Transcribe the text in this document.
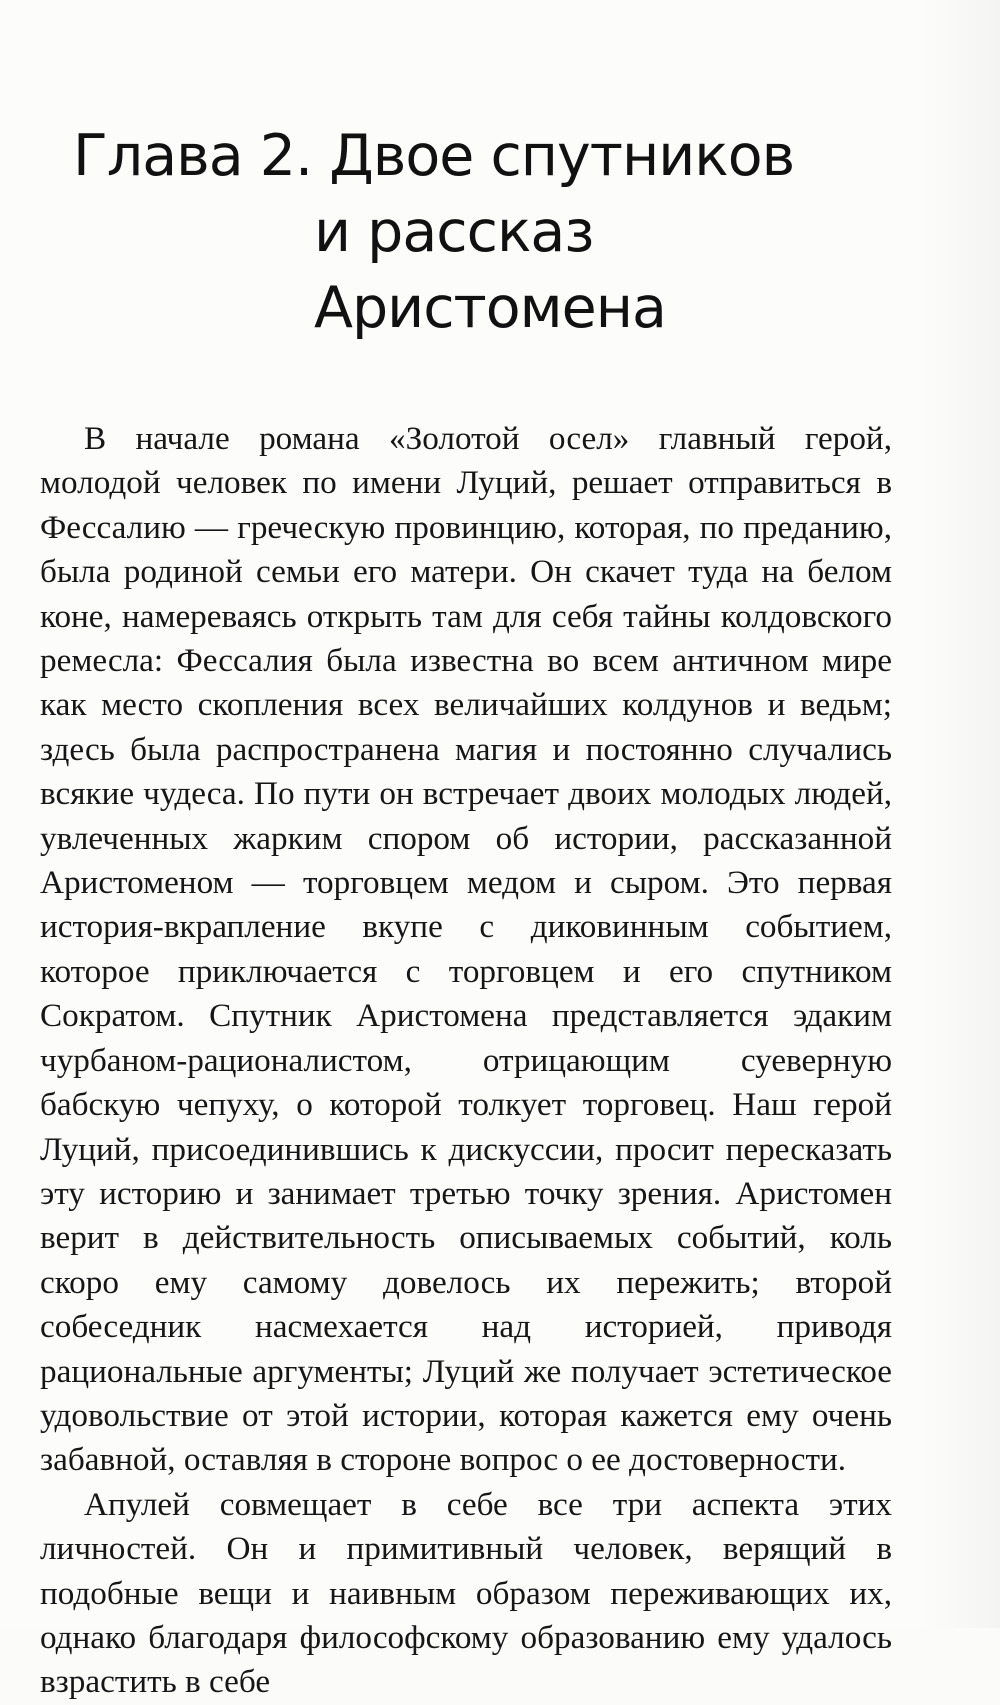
Глава 2. Двое спутников
и рассказ
Аристомена

В начале романа «Золотой осел» главный герой, молодой человек по имени Луций, решает отправиться в Фессалию — греческую провинцию, которая, по преданию, была родиной семьи его матери. Он скачет туда на белом коне, намереваясь открыть там для себя тайны колдовского ремесла: Фессалия была известна во всем античном мире как место скопления всех величайших колдунов и ведьм; здесь была распространена магия и постоянно случались всякие чудеса. По пути он встречает двоих молодых людей, увлеченных жарким спором об истории, рассказанной Аристоменом — торговцем медом и сыром. Это первая история-вкрапление вкупе с диковинным событием, которое приключается с торговцем и его спутником Сократом. Спутник Аристомена представляется эдаким чурбаном-рационалистом, отрицающим суеверную бабскую чепуху, о которой толкует торговец. Наш герой Луций, присоединившись к дискуссии, просит пересказать эту историю и занимает третью точку зрения. Аристомен верит в действительность описываемых событий, коль скоро ему самому довелось их пережить; второй собеседник насмехается над историей, приводя рациональные аргументы; Луций же получает эстетическое удовольствие от этой истории, которая кажется ему очень забавной, оставляя в стороне вопрос о ее достоверности.

Апулей совмещает в себе все три аспекта этих личностей. Он и примитивный человек, верящий в подобные вещи и наивным образом переживающих их, однако благодаря философскому образованию ему удалось взрастить в себе
